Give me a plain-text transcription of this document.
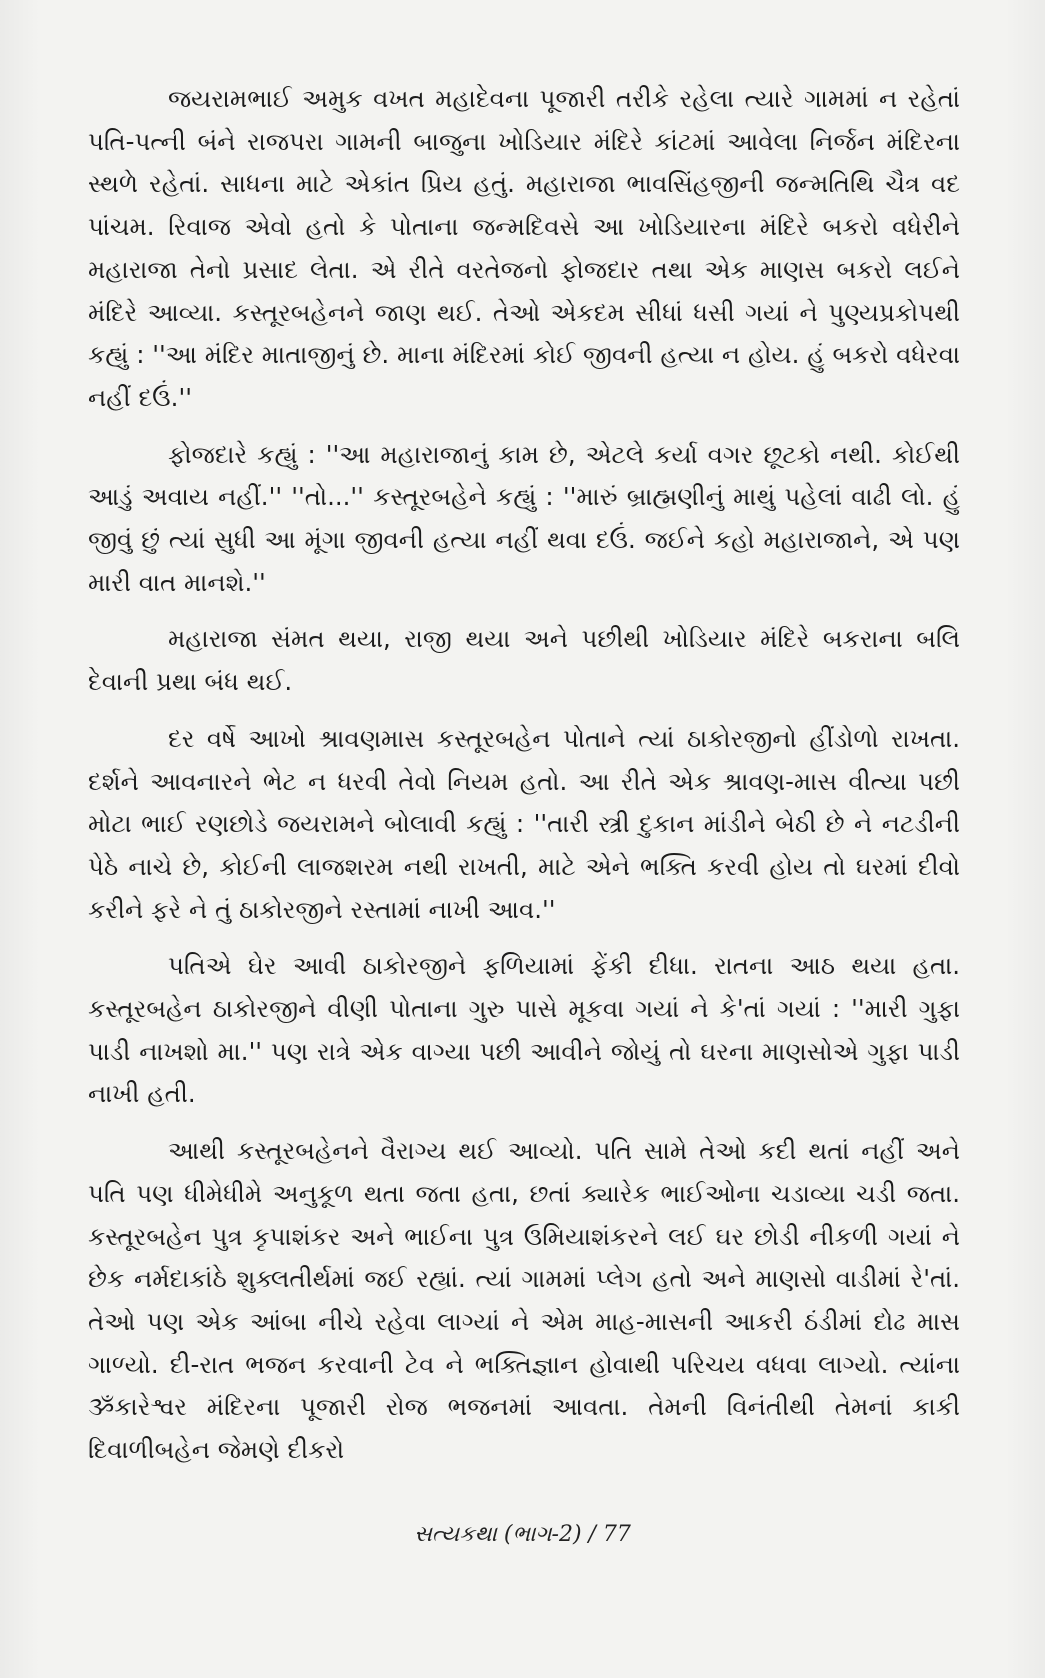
જયરામભાઈ અમુક વખત મહાદેવના પૂજારી તરીકે રહેલા ત્યારે ગામમાં ન રહેતાં પતિ-પત્ની બંને રાજપરા ગામની બાજુના ખોડિયાર મંદિરે કાંટમાં આવેલા નિર્જન મંદિરના સ્થળે રહેતાં. સાધના માટે એકાંત પ્રિય હતું. મહારાજા ભાવસિંહજીની જન્મતિથિ ચૈત્ર વદ પાંચમ. રિવાજ એવો હતો કે પોતાના જન્મદિવસે આ ખોડિયારના મંદિરે બકરો વધેરીને મહારાજા તેનો પ્રસાદ લેતા. એ રીતે વરતેજનો ફોજદાર તથા એક માણસ બકરો લઈને મંદિરે આવ્યા. કસ્તૂરબહેનને જાણ થઈ. તેઓ એકદમ સીધાં ધસી ગયાં ને પુણ્યપ્રકોપથી કહ્યું : ''આ મંદિર માતાજીનું છે. માના મંદિરમાં કોઈ જીવની હત્યા ન હોય. હું બકરો વધેરવા નહીં દઉં.''

ફોજદારે કહ્યું : ''આ મહારાજાનું કામ છે, એટલે કર્યા વગર છૂટકો નથી. કોઈથી આડું અવાય નહીં.'' ''તો...'' કસ્તૂરબહેને કહ્યું : ''મારું બ્રાહ્મણીનું માથું પહેલાં વાઢી લો. હું જીવું છું ત્યાં સુધી આ મૂંગા જીવની હત્યા નહીં થવા દઉં. જઈને કહો મહારાજાને, એ પણ મારી વાત માનશે.''

મહારાજા સંમત થયા, રાજી થયા અને પછીથી ખોડિયાર મંદિરે બકરાના બલિ દેવાની પ્રથા બંધ થઈ.

દર વર્ષે આખો શ્રાવણમાસ કસ્તૂરબહેન પોતાને ત્યાં ઠાકોરજીનો હીંડોળો રાખતા. દર્શને આવનારને ભેટ ન ધરવી તેવો નિયમ હતો. આ રીતે એક શ્રાવણ-માસ વીત્યા પછી મોટા ભાઈ રણછોડે જયરામને બોલાવી કહ્યું : ''તારી સ્ત્રી દુકાન માંડીને બેઠી છે ને નટડીની પેઠે નાચે છે, કોઈની લાજશરમ નથી રાખતી, માટે એને ભક્તિ કરવી હોય તો ઘરમાં દીવો કરીને ફરે ને તું ઠાકોરજીને રસ્તામાં નાખી આવ.''

પતિએ ઘેર આવી ઠાકોરજીને ફળિયામાં ફેંકી દીધા. રાતના આઠ થયા હતા. કસ્તૂરબહેન ઠાકોરજીને વીણી પોતાના ગુરુ પાસે મૂકવા ગયાં ને કે'તાં ગયાં : ''મારી ગુફા પાડી નાખશો મા.'' પણ રાત્રે એક વાગ્યા પછી આવીને જોયું તો ઘરના માણસોએ ગુફા પાડી નાખી હતી.

આથી કસ્તૂરબહેનને વૈરાગ્ય થઈ આવ્યો. પતિ સામે તેઓ કદી થતાં નહીં અને પતિ પણ ધીમેધીમે અનુકૂળ થતા જતા હતા, છતાં ક્યારેક ભાઈઓના ચડાવ્યા ચડી જતા. કસ્તૂરબહેન પુત્ર કૃપાશંકર અને ભાઈના પુત્ર ઉમિયાશંકરને લઈ ઘર છોડી નીકળી ગયાં ને છેક નર્મદાકાંઠે શુક્લતીર્થમાં જઈ રહ્યાં. ત્યાં ગામમાં પ્લેગ હતો અને માણસો વાડીમાં રે'તાં. તેઓ પણ એક આંબા નીચે રહેવા લાગ્યાં ને એમ માહ-માસની આકરી ઠંડીમાં દોઢ માસ ગાળ્યો. દી-રાત ભજન કરવાની ટેવ ને ભક્તિજ્ઞાન હોવાથી પરિચય વધવા લાગ્યો. ત્યાંના ૐકારેશ્વર મંદિરના પૂજારી રોજ ભજનમાં આવતા. તેમની વિનંતીથી તેમનાં કાકી દિવાળીબહેન જેમણે દીકરો

સત્યકથા (ભાગ-2) / 77
